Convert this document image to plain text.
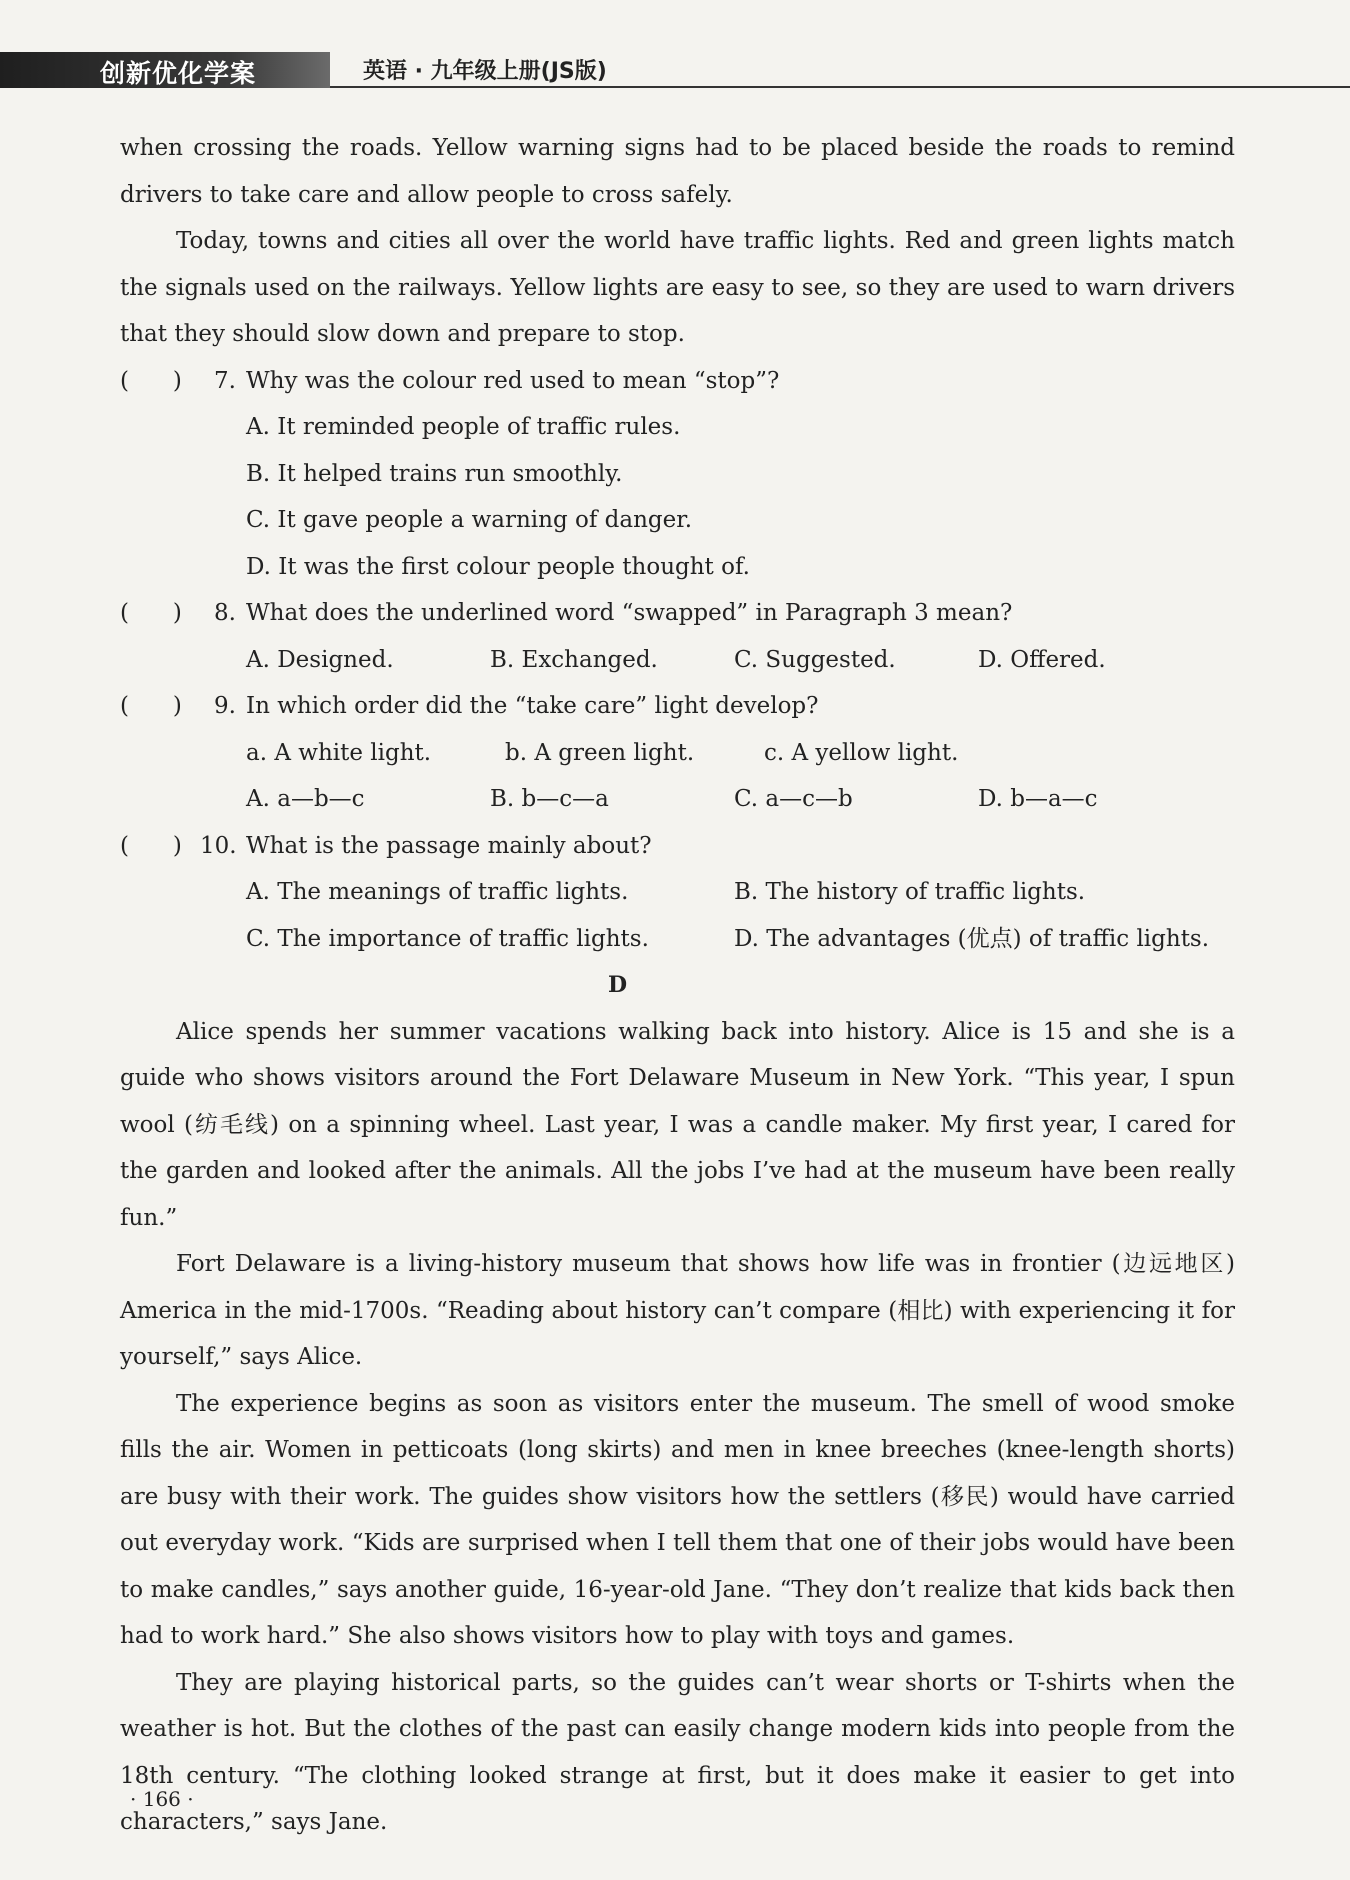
创新优化学案	英语 · 九年级上册(JS版)

when crossing the roads. Yellow warning signs had to be placed beside the roads to remind drivers to take care and allow people to cross safely.

Today, towns and cities all over the world have traffic lights. Red and green lights match the signals used on the railways. Yellow lights are easy to see, so they are used to warn drivers that they should slow down and prepare to stop.

(      ) 7. Why was the colour red used to mean “stop”?
A. It reminded people of traffic rules.
B. It helped trains run smoothly.
C. It gave people a warning of danger.
D. It was the first colour people thought of.
(      ) 8. What does the underlined word “swapped” in Paragraph 3 mean?
A. Designed.	B. Exchanged.	C. Suggested.	D. Offered.
(      ) 9. In which order did the “take care” light develop?
a. A white light.	b. A green light.	c. A yellow light.
A. a—b—c	B. b—c—a	C. a—c—b	D. b—a—c
(      ) 10. What is the passage mainly about?
A. The meanings of traffic lights.	B. The history of traffic lights.
C. The importance of traffic lights.	D. The advantages (优点) of traffic lights.
D

Alice spends her summer vacations walking back into history. Alice is 15 and she is a guide who shows visitors around the Fort Delaware Museum in New York. “This year, I spun wool (纺毛线) on a spinning wheel. Last year, I was a candle maker. My first year, I cared for the garden and looked after the animals. All the jobs I’ve had at the museum have been really fun.”

Fort Delaware is a living-history museum that shows how life was in frontier (边远地区) America in the mid-1700s. “Reading about history can’t compare (相比) with experiencing it for yourself,” says Alice.

The experience begins as soon as visitors enter the museum. The smell of wood smoke fills the air. Women in petticoats (long skirts) and men in knee breeches (knee-length shorts) are busy with their work. The guides show visitors how the settlers (移民) would have carried out everyday work. “Kids are surprised when I tell them that one of their jobs would have been to make candles,” says another guide, 16-year-old Jane. “They don’t realize that kids back then had to work hard.” She also shows visitors how to play with toys and games.

They are playing historical parts, so the guides can’t wear shorts or T-shirts when the weather is hot. But the clothes of the past can easily change modern kids into people from the 18th century. “The clothing looked strange at first, but it does make it easier to get into characters,” says Jane.

· 166 ·
